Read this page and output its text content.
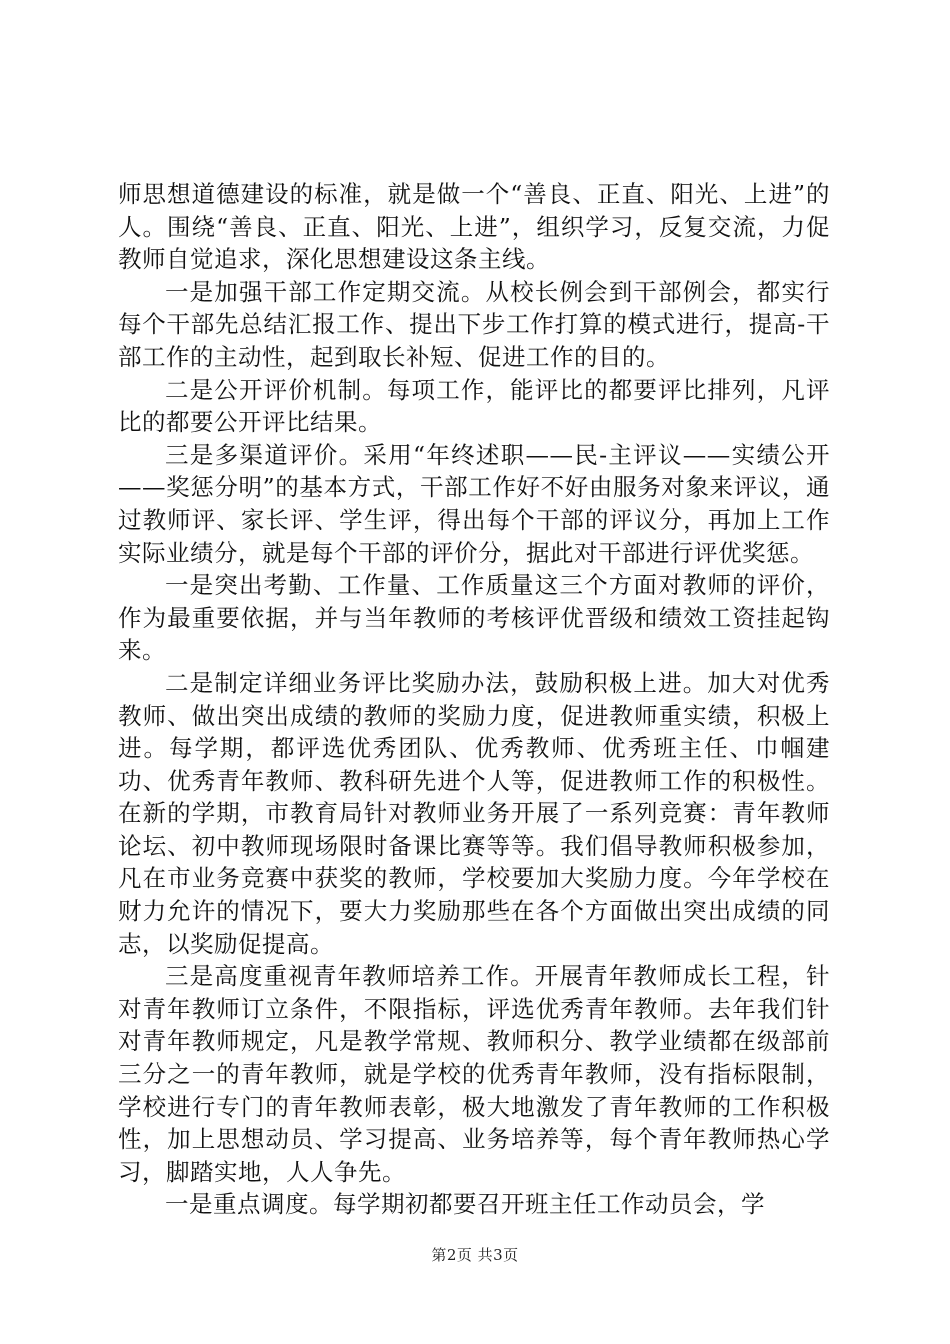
师思想道德建设的标准，就是做一个“善良、正直、阳光、上进”的人。围绕“善良、正直、阳光、上进”，组织学习，反复交流，力促教师自觉追求，深化思想建设这条主线。

一是加强干部工作定期交流。从校长例会到干部例会，都实行每个干部先总结汇报工作、提出下步工作打算的模式进行，提高-干部工作的主动性，起到取长补短、促进工作的目的。

二是公开评价机制。每项工作，能评比的都要评比排列，凡评比的都要公开评比结果。

三是多渠道评价。采用“年终述职——民-主评议——实绩公开——奖惩分明”的基本方式，干部工作好不好由服务对象来评议，通过教师评、家长评、学生评，得出每个干部的评议分，再加上工作实际业绩分，就是每个干部的评价分，据此对干部进行评优奖惩。

一是突出考勤、工作量、工作质量这三个方面对教师的评价，作为最重要依据，并与当年教师的考核评优晋级和绩效工资挂起钩来。

二是制定详细业务评比奖励办法，鼓励积极上进。加大对优秀教师、做出突出成绩的教师的奖励力度，促进教师重实绩，积极上进。每学期，都评选优秀团队、优秀教师、优秀班主任、巾帼建功、优秀青年教师、教科研先进个人等，促进教师工作的积极性。在新的学期，市教育局针对教师业务开展了一系列竞赛：青年教师论坛、初中教师现场限时备课比赛等等。我们倡导教师积极参加，凡在市业务竞赛中获奖的教师，学校要加大奖励力度。今年学校在财力允许的情况下，要大力奖励那些在各个方面做出突出成绩的同志，以奖励促提高。

三是高度重视青年教师培养工作。开展青年教师成长工程，针对青年教师订立条件，不限指标，评选优秀青年教师。去年我们针对青年教师规定，凡是教学常规、教师积分、教学业绩都在级部前三分之一的青年教师，就是学校的优秀青年教师，没有指标限制，学校进行专门的青年教师表彰，极大地激发了青年教师的工作积极性，加上思想动员、学习提高、业务培养等，每个青年教师热心学习，脚踏实地，人人争先。

一是重点调度。每学期初都要召开班主任工作动员会，学

第2页 共3页
